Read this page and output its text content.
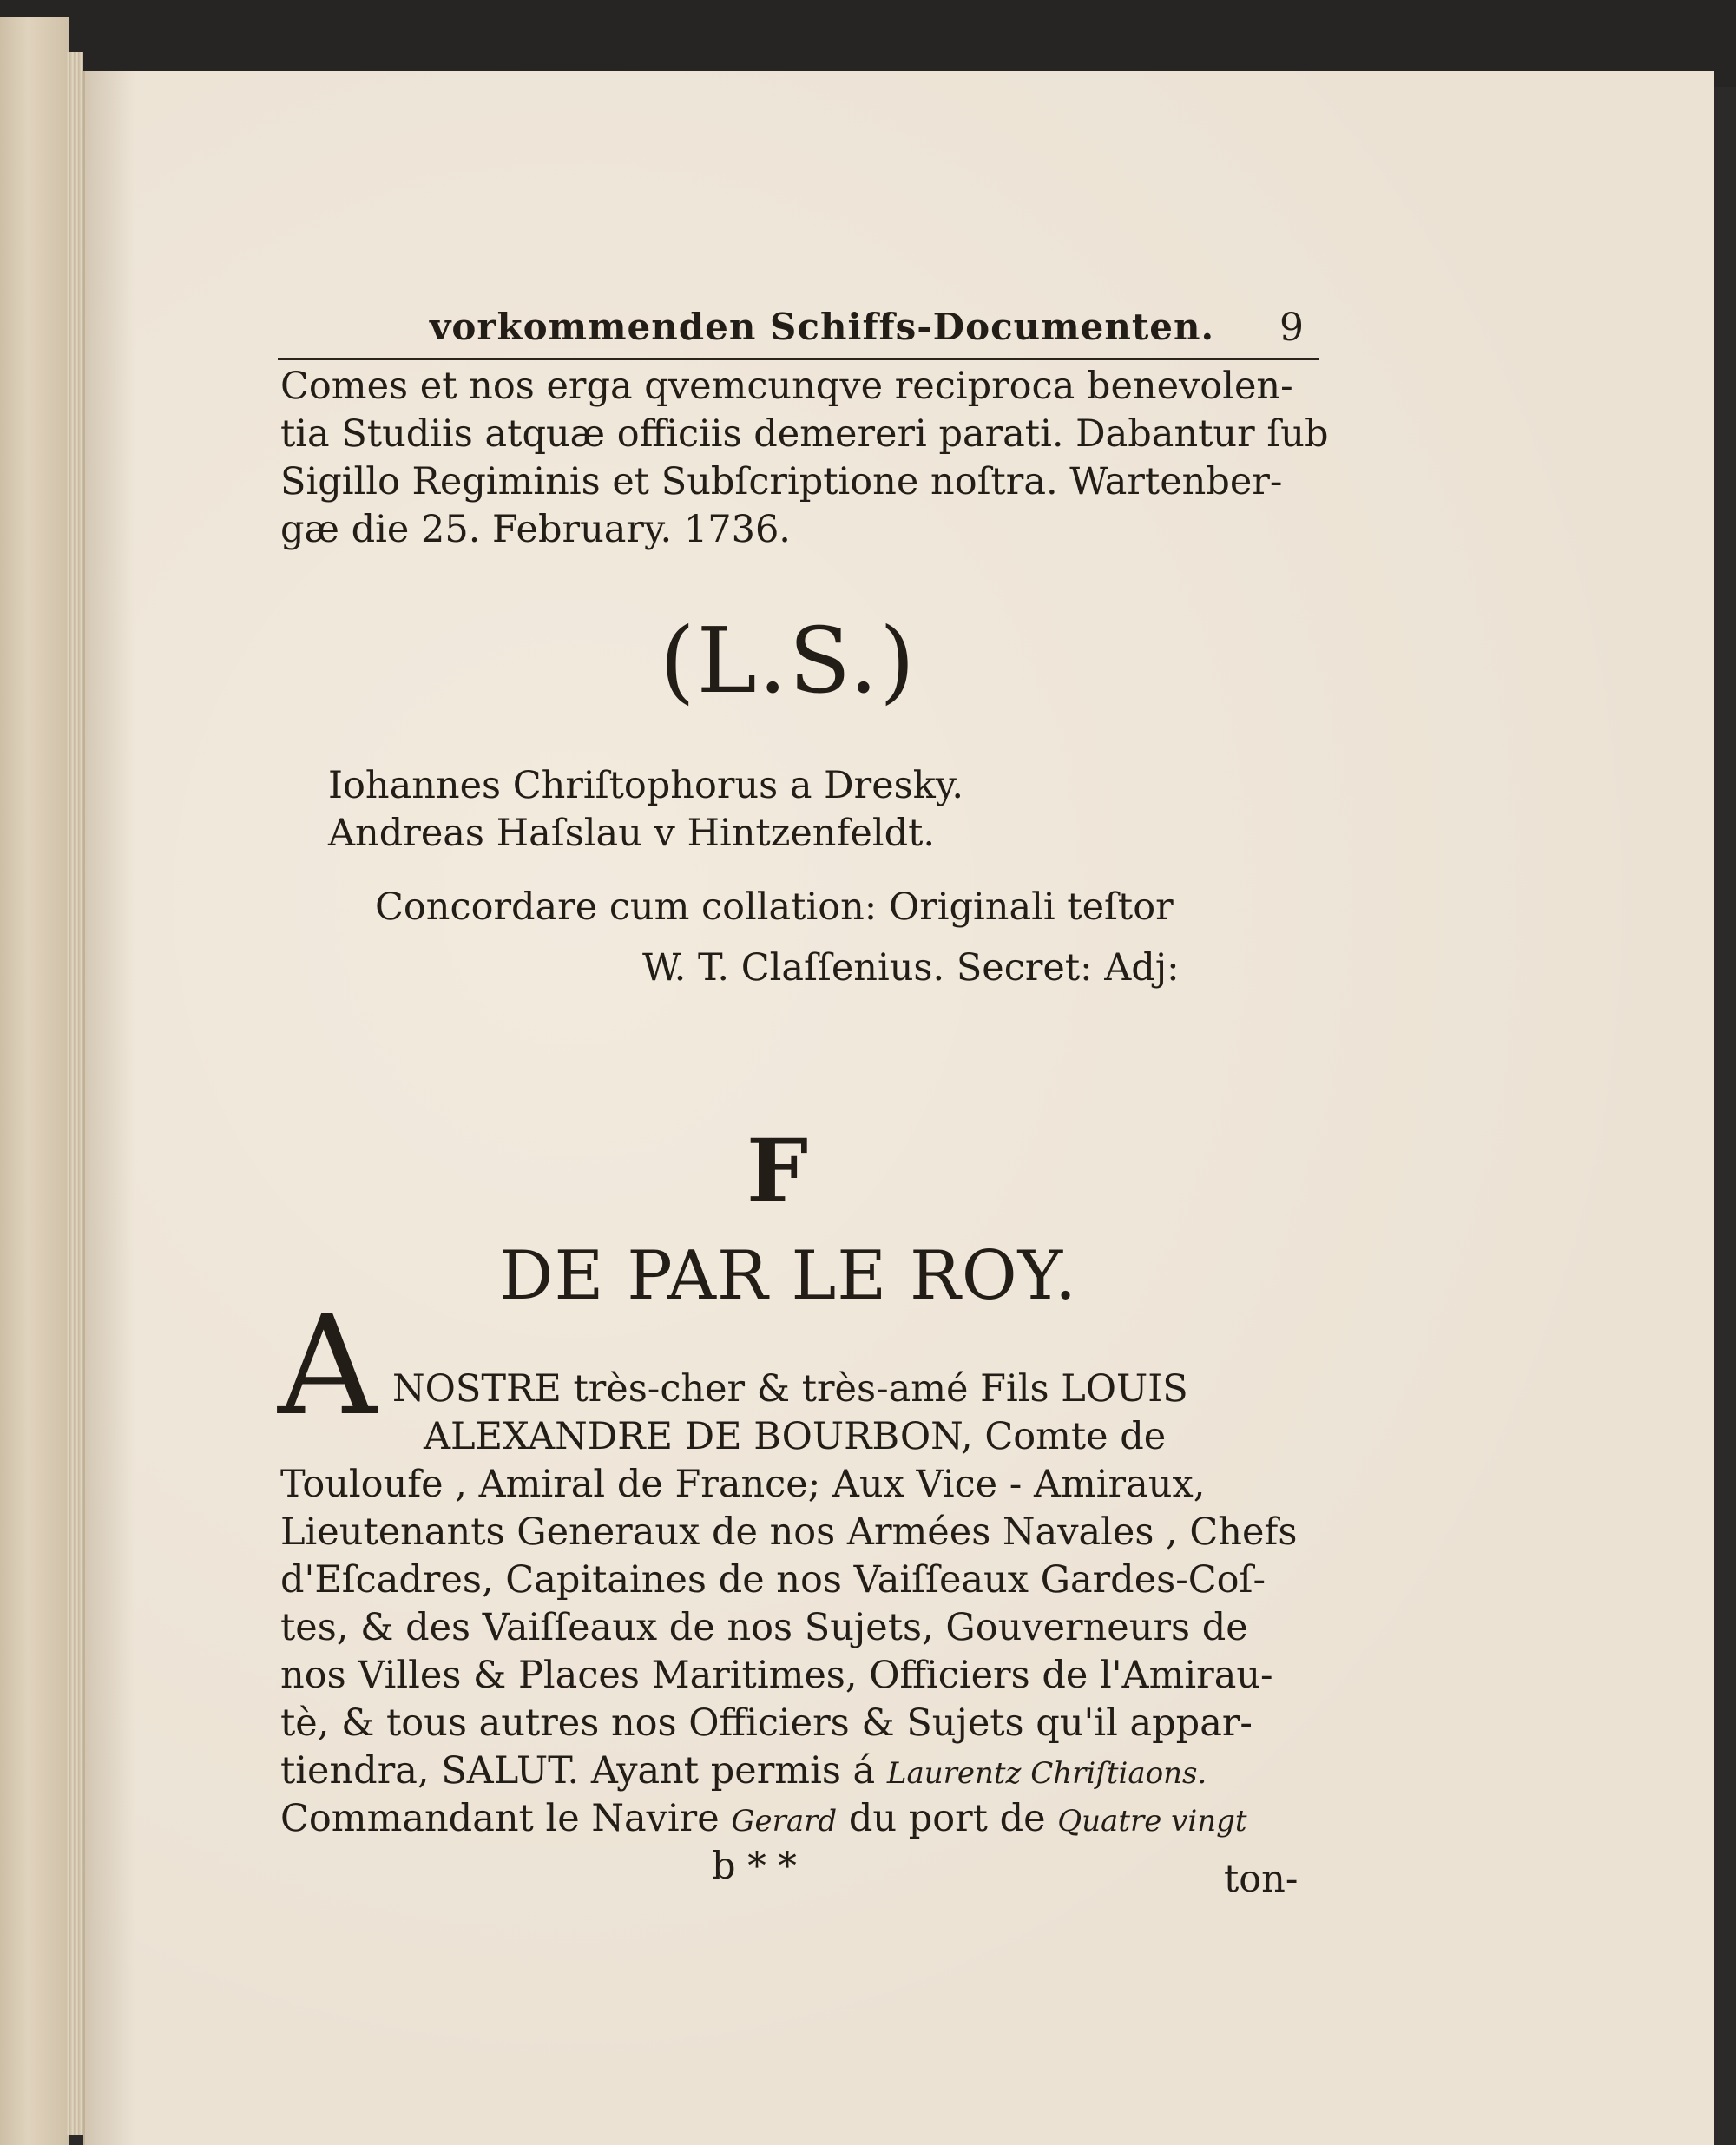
vorkommenden Schiffs-Documenten. 9
Comes et nos erga qvemcunqve reciproca benevolen-
tia Studiis atquæ officiis demereri parati. Dabantur ſub
Sigillo Regiminis et Subſcriptione noſtra. Wartenber-
gæ die 25. February. 1736.
(L.S.)
Iohannes Chriſtophorus a Dresky.
Andreas Haſslau v Hintzenfeldt.
Concordare cum collation: Originali teſtor
W. T. Claſſenius. Secret: Adj:
F
DE PAR LE ROY.
A NOSTRE très-cher & très-amé Fils LOUIS
ALEXANDRE DE BOURBON, Comte de
Touloufe , Amiral de France; Aux Vice - Amiraux,
Lieutenants Generaux de nos Armées Navales , Chefs
d'Eſcadres, Capitaines de nos Vaiſſeaux Gardes-Coſ-
tes, & des Vaiſſeaux de nos Sujets, Gouverneurs de
nos Villes & Places Maritimes, Officiers de l'Amirau-
tè, & tous autres nos Officiers & Sujets qu'il appar-
tiendra, SALUT. Ayant permis á Laurentz Chriſtiaons.
Commandant le Navire Gerard du port de Quatre vingt
b * *	ton-
